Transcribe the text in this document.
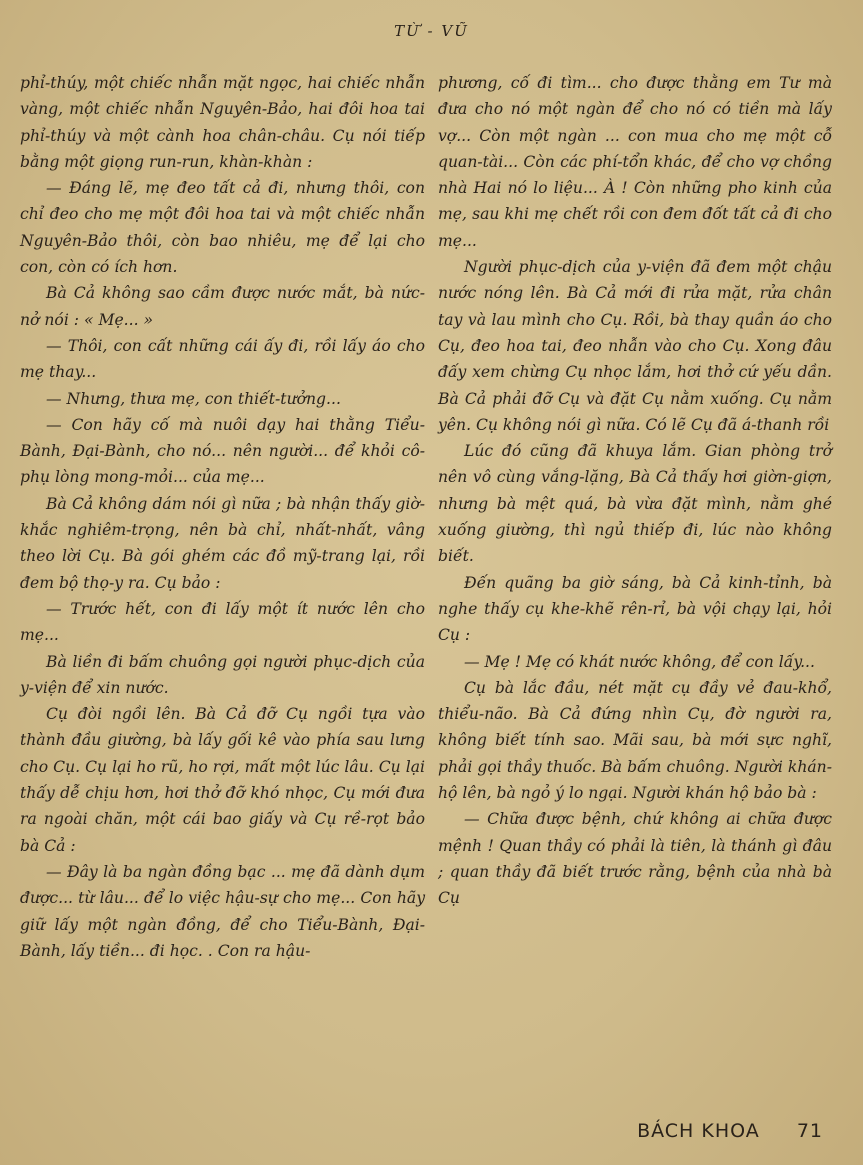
TỪ - VŨ

phỉ-thúy, một chiếc nhẫn mặt ngọc, hai chiếc nhẫn vàng, một chiếc nhẫn Nguyên-Bảo, hai đôi hoa tai phỉ-thúy và một cành hoa chân-châu. Cụ nói tiếp bằng một giọng run-run, khàn-khàn :

— Đáng lẽ, mẹ đeo tất cả đi, nhưng thôi, con chỉ đeo cho mẹ một đôi hoa tai và một chiếc nhẫn Nguyên-Bảo thôi, còn bao nhiêu, mẹ để lại cho con, còn có ích hơn.

Bà Cả không sao cầm được nước mắt, bà nức-nở nói : « Mẹ... »

— Thôi, con cất những cái ấy đi, rồi lấy áo cho mẹ thay...

— Nhưng, thưa mẹ, con thiết-tưởng...

— Con hãy cố mà nuôi dạy hai thằng Tiểu-Bành, Đại-Bành, cho nó... nên người... để khỏi cô-phụ lòng mong-mỏi... của mẹ...

Bà Cả không dám nói gì nữa ; bà nhận thấy giờ-khắc nghiêm-trọng, nên bà chỉ, nhất-nhất, vâng theo lời Cụ. Bà gói ghém các đồ mỹ-trang lại, rồi đem bộ thọ-y ra. Cụ bảo :

— Trước hết, con đi lấy một ít nước lên cho mẹ...

Bà liền đi bấm chuông gọi người phục-dịch của y-viện để xin nước.

Cụ đòi ngồi lên. Bà Cả đỡ Cụ ngồi tựa vào thành đầu giường, bà lấy gối kê vào phía sau lưng cho Cụ. Cụ lại ho rũ, ho rợi, mất một lúc lâu. Cụ lại thấy dễ chịu hơn, hơi thở đỡ khó nhọc, Cụ mới đưa ra ngoài chăn, một cái bao giấy và Cụ rề-rọt bảo bà Cả :

— Đây là ba ngàn đồng bạc ... mẹ đã dành dụm được... từ lâu... để lo việc hậu-sự cho mẹ... Con hãy giữ lấy một ngàn đồng, để cho Tiểu-Bành, Đại-Bành, lấy tiền... đi học. . Con ra hậu-

phương, cố đi tìm... cho được thằng em Tư mà đưa cho nó một ngàn để cho nó có tiền mà lấy vợ... Còn một ngàn ... con mua cho mẹ một cỗ quan-tài... Còn các phí-tổn khác, để cho vợ chồng nhà Hai nó lo liệu... À ! Còn những pho kinh của mẹ, sau khi mẹ chết rồi con đem đốt tất cả đi cho mẹ...

Người phục-dịch của y-viện đã đem một chậu nước nóng lên. Bà Cả mới đi rửa mặt, rửa chân tay và lau mình cho Cụ. Rồi, bà thay quần áo cho Cụ, đeo hoa tai, đeo nhẫn vào cho Cụ. Xong đâu đấy xem chừng Cụ nhọc lắm, hơi thở cứ yếu dần. Bà Cả phải đỡ Cụ và đặt Cụ nằm xuống. Cụ nằm yên. Cụ không nói gì nữa. Có lẽ Cụ đã á-thanh rồi

Lúc đó cũng đã khuya lắm. Gian phòng trở nên vô cùng vắng-lặng, Bà Cả thấy hơi giờn-giợn, nhưng bà mệt quá, bà vừa đặt mình, nằm ghé xuống giường, thì ngủ thiếp đi, lúc nào không biết.

Đến quãng ba giờ sáng, bà Cả kinh-tỉnh, bà nghe thấy cụ khe-khẽ rên-rỉ, bà vội chạy lại, hỏi Cụ :

— Mẹ ! Mẹ có khát nước không, để con lấy...

Cụ bà lắc đầu, nét mặt cụ đầy vẻ đau-khổ, thiểu-não. Bà Cả đứng nhìn Cụ, đờ người ra, không biết tính sao. Mãi sau, bà mới sực nghĩ, phải gọi thầy thuốc. Bà bấm chuông. Người khán-hộ lên, bà ngỏ ý lo ngại. Người khán hộ bảo bà :

— Chữa được bệnh, chứ không ai chữa được mệnh ! Quan thầy có phải là tiên, là thánh gì đâu ; quan thầy đã biết trước rằng, bệnh của nhà bà Cụ

BÁCH KHOA 71
